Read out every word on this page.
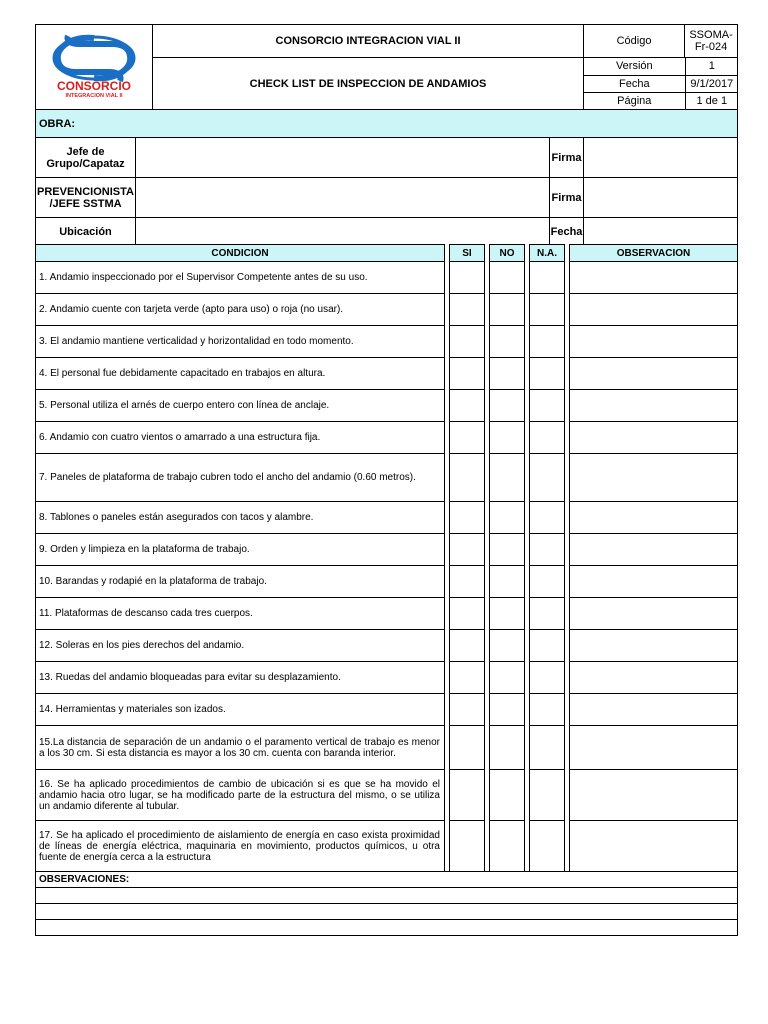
CONSORCIO
INTEGRACION VIAL II
	CONSORCIO INTEGRACION VIAL II	Código	SSOMA-Fr-024
CHECK LIST DE INSPECCION DE ANDAMIOS	
Versión	1
Fecha	9/1/2017
Página	1 de 1

OBRA:
Jefe de Grupo/Capataz		Firma	
PREVENCIONISTA /JEFE SSTMA		Firma	
Ubicación		Fecha	
CONDICION		SI		NO		N.A.		OBSERVACION
1. Andamio inspeccionado por el Supervisor Competente antes de su uso.								
2. Andamio cuente con tarjeta verde (apto para uso) o roja (no usar).								
3. El andamio mantiene verticalidad y horizontalidad en todo momento.								
4. El personal fue debidamente capacitado en trabajos en altura.								
5. Personal utiliza el arnés de cuerpo entero con línea de anclaje.								
6. Andamio con cuatro vientos o amarrado a una estructura fija.								
7. Paneles de plataforma de trabajo cubren todo el ancho del andamio (0.60 metros).								
8. Tablones o paneles están asegurados con tacos y alambre.								
9. Orden y limpieza en la plataforma de trabajo.								
10. Barandas y rodapié en la plataforma de trabajo.								
11. Plataformas de descanso cada tres cuerpos.								
12. Soleras en los pies derechos del andamio.								
13. Ruedas del andamio bloqueadas para evitar su desplazamiento.								
14. Herramientas y materiales son izados.								
15.La distancia de separación de un andamio o el paramento vertical de trabajo es menor a los 30 cm. Si esta distancia es mayor a los 30 cm. cuenta con baranda interior.								
16. Se ha aplicado procedimientos de cambio de ubicación si es que se ha movido el andamio hacia otro lugar, se ha modificado parte de la estructura del mismo, o se utiliza un andamio diferente al tubular.								
17. Se ha aplicado el procedimiento de aislamiento de energía en caso exista proximidad de líneas de energía eléctrica, maquinaria en movimiento, productos químicos, u otra fuente de energía cerca a la estructura								
OBSERVACIONES:								
